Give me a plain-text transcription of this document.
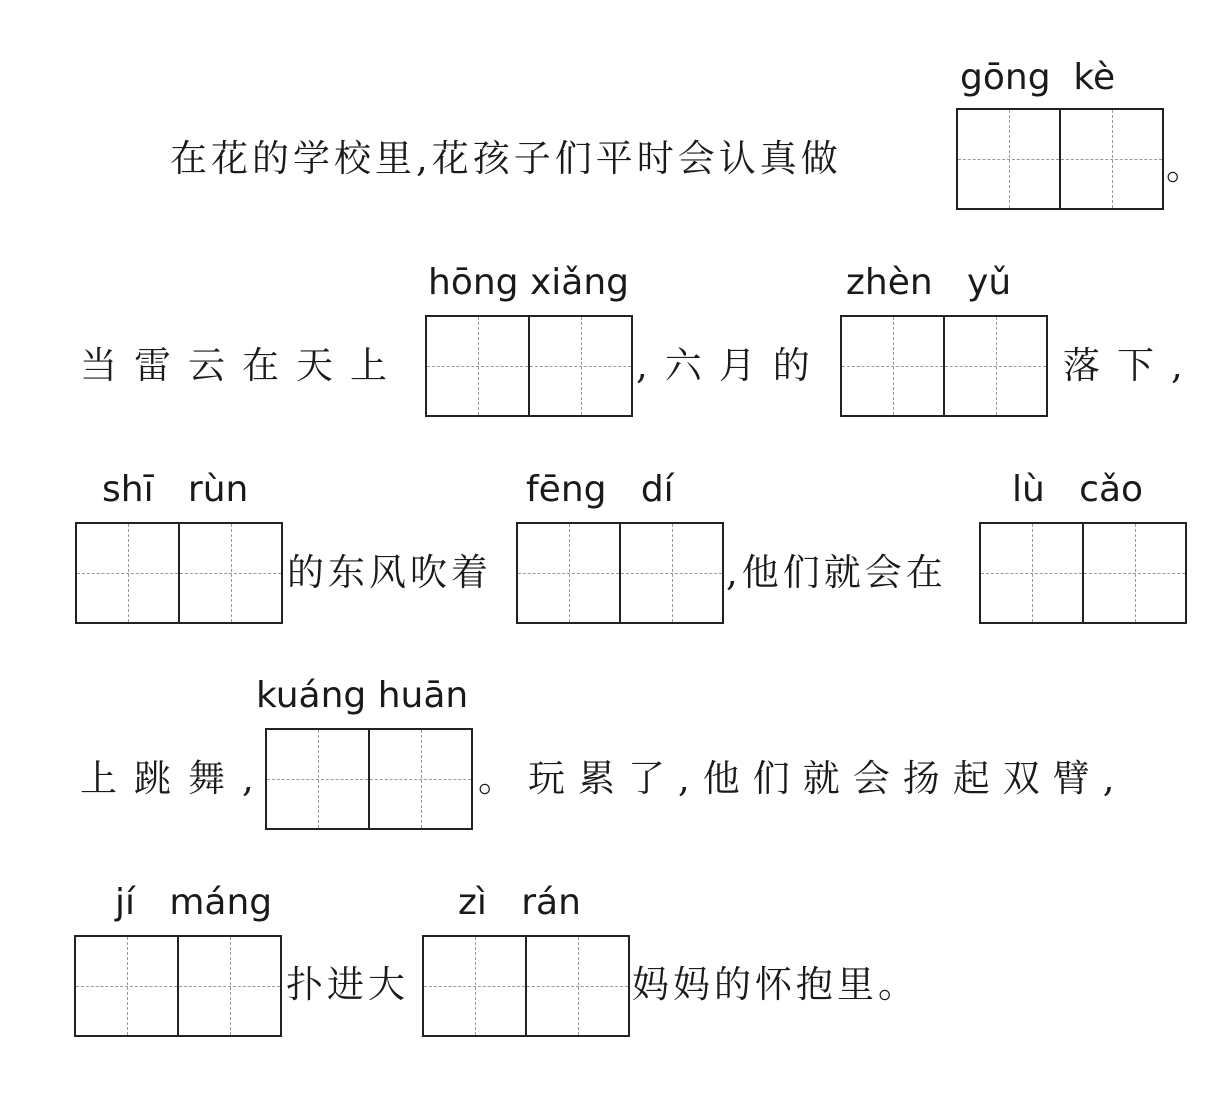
在花的学校里,花孩子们平时会认真做
gōng  kè
。
当雷云在天上
hōng xiǎng
,六月的
zhèn   yǔ
落下,
shī   rùn
的东风吹着
fēng   dí
,他们就会在
lù   cǎo
上跳舞,
kuáng huān
。玩累了,他们就会扬起双臂,
jí   máng
扑进大
zì   rán
妈妈的怀抱里。
